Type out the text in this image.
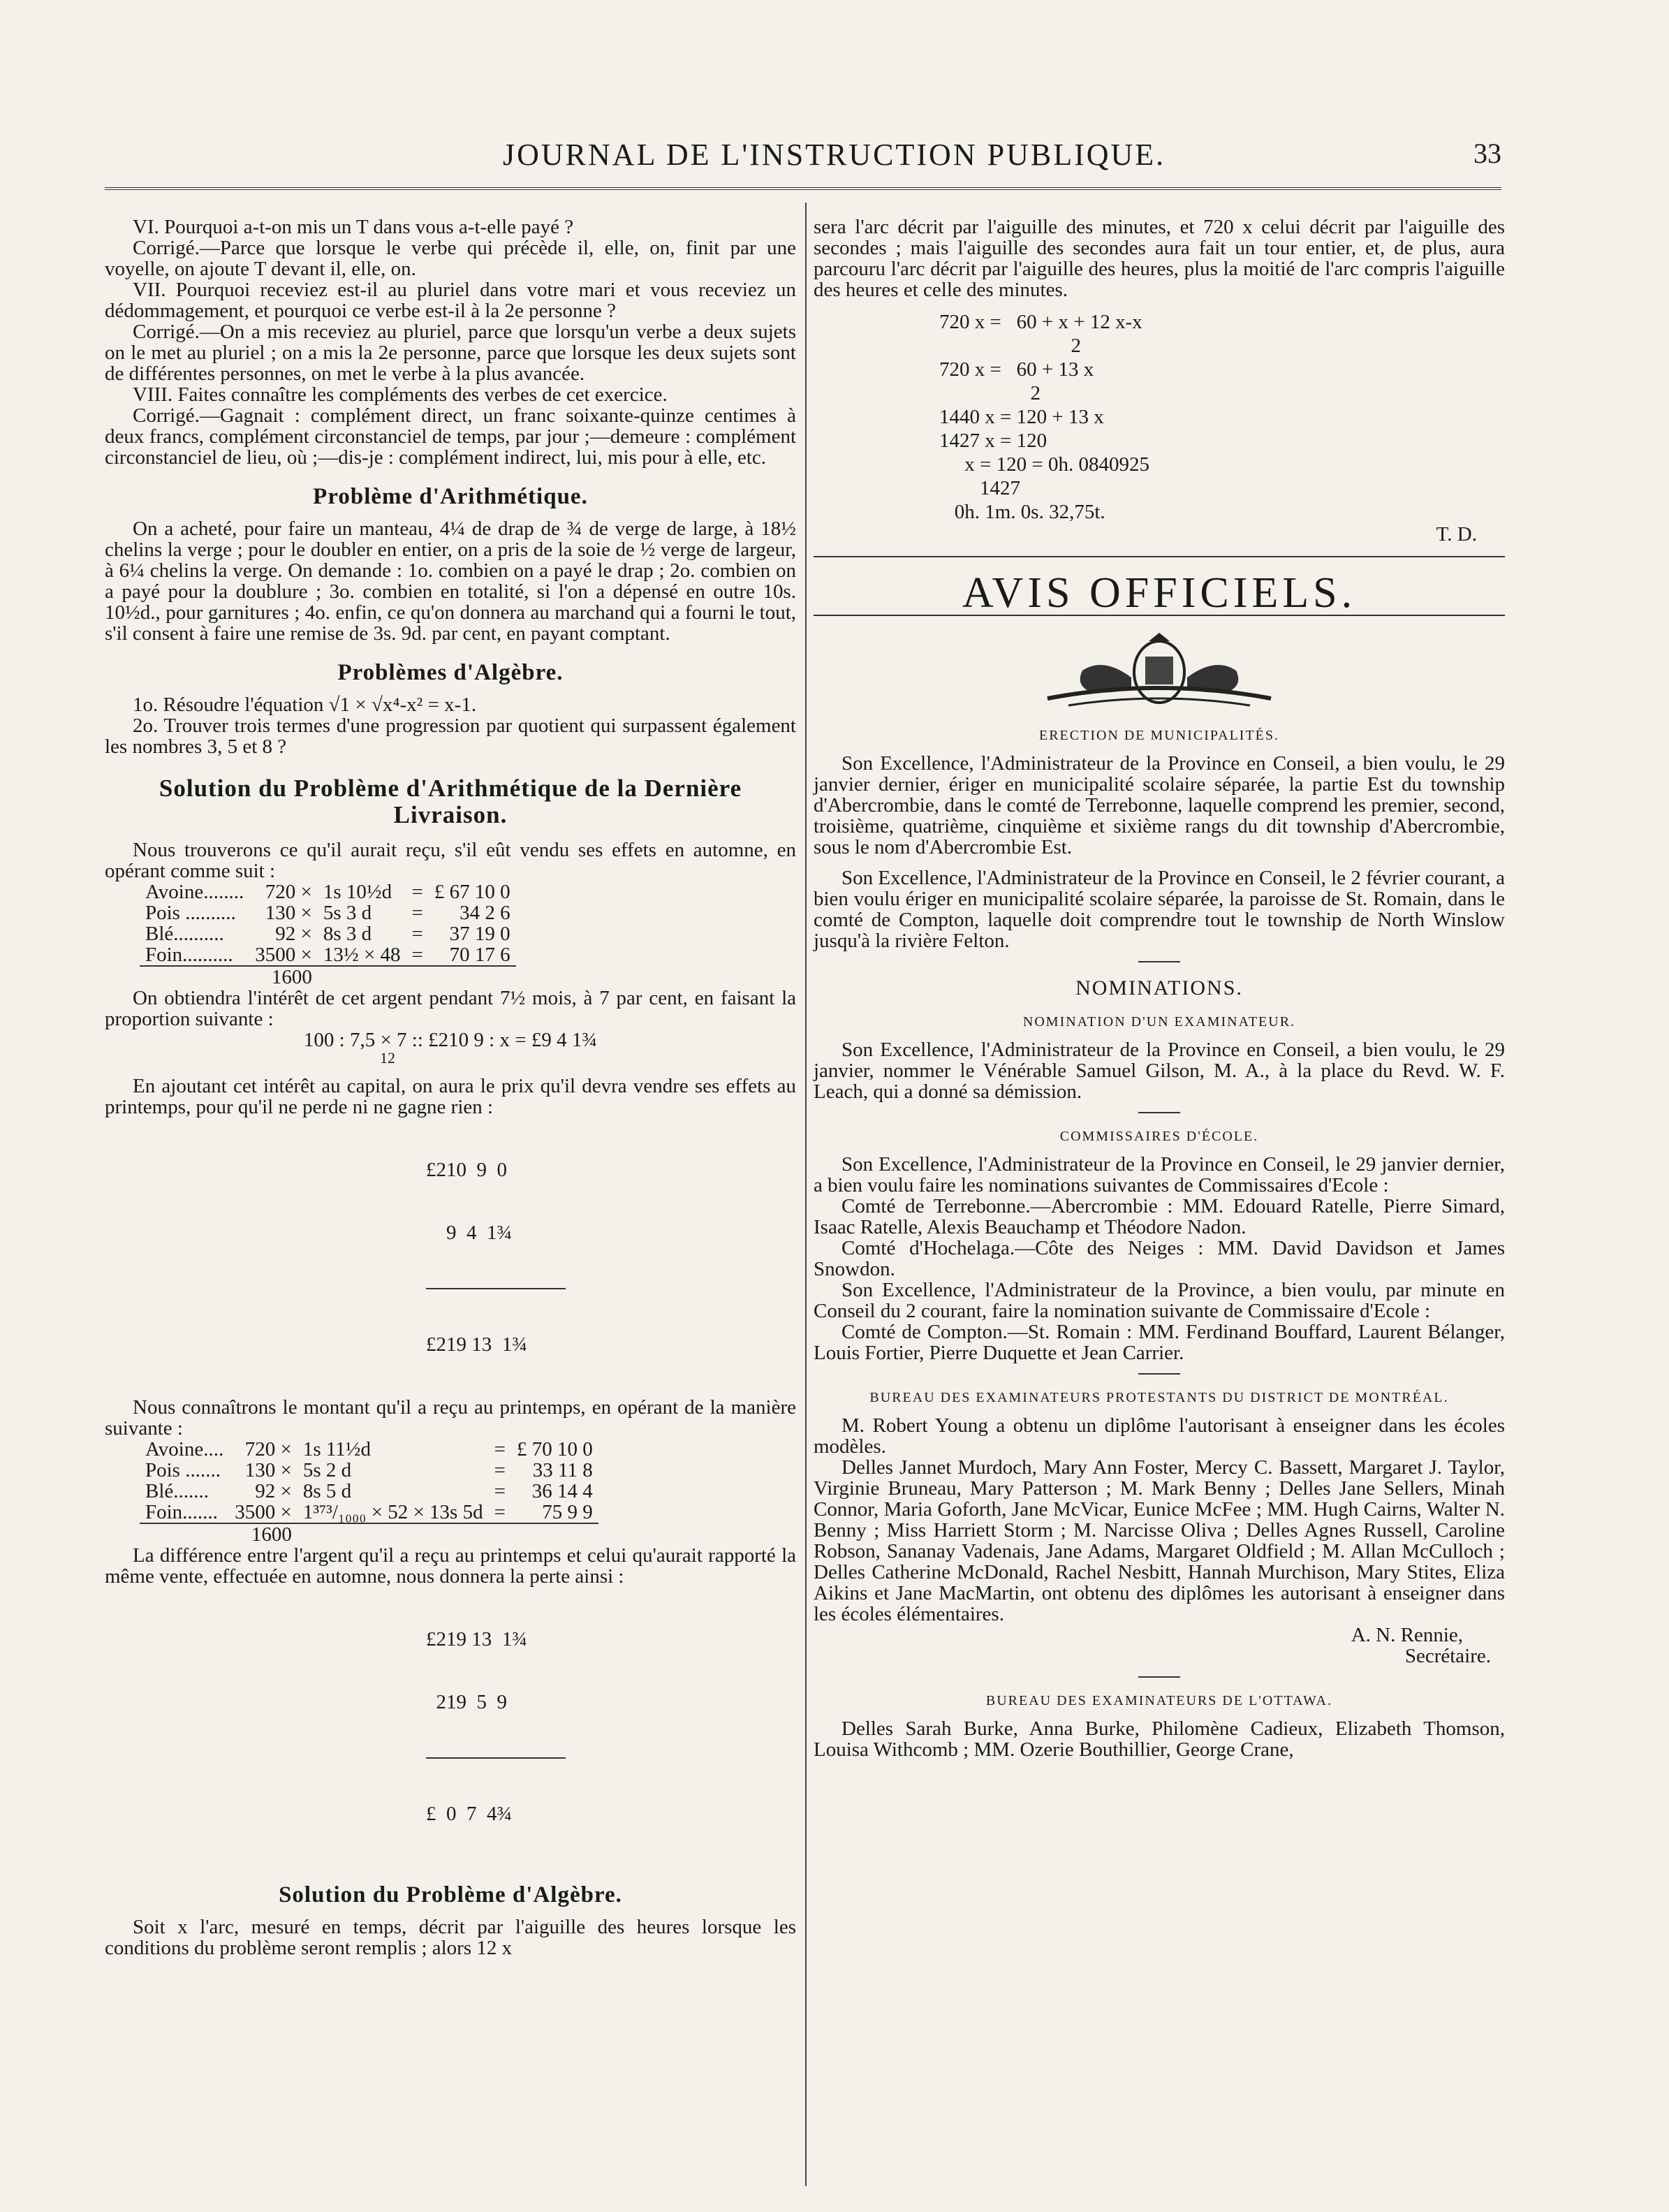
JOURNAL DE L'INSTRUCTION PUBLIQUE.	33

VI. Pourquoi a-t-on mis un T dans vous a-t-elle payé ?

Corrigé.—Parce que lorsque le verbe qui précède il, elle, on, finit par une voyelle, on ajoute T devant il, elle, on.

VII. Pourquoi receviez est-il au pluriel dans votre mari et vous receviez un dédommagement, et pourquoi ce verbe est-il à la 2e personne ?

Corrigé.—On a mis receviez au pluriel, parce que lorsqu'un verbe a deux sujets on le met au pluriel ; on a mis la 2e personne, parce que lorsque les deux sujets sont de différentes personnes, on met le verbe à la plus avancée.

VIII. Faites connaître les compléments des verbes de cet exercice.

Corrigé.—Gagnait : complément direct, un franc soixante-quinze centimes à deux francs, complément circonstanciel de temps, par jour ;—demeure : complément circonstanciel de lieu, où ;—dis-je : complément indirect, lui, mis pour à elle, etc.

Problème d'Arithmétique.

On a acheté, pour faire un manteau, 4¼ de drap de ¾ de verge de large, à 18½ chelins la verge ; pour le doubler en entier, on a pris de la soie de ½ verge de largeur, à 6¼ chelins la verge. On demande : 1o. combien on a payé le drap ; 2o. combien on a payé pour la doublure ; 3o. combien en totalité, si l'on a dépensé en outre 10s. 10½d., pour garnitures ; 4o. enfin, ce qu'on donnera au marchand qui a fourni le tout, s'il consent à faire une remise de 3s. 9d. par cent, en payant comptant.

Problèmes d'Algèbre.

1o. Résoudre l'équation √1 × √x⁴-x² = x-1.

2o. Trouver trois termes d'une progression par quotient qui surpassent également les nombres 3, 5 et 8 ?

Solution du Problème d'Arithmétique de la Dernière Livraison.

Nous trouverons ce qu'il aurait reçu, s'il eût vendu ses effets en automne, en opérant comme suit :

Avoine........	720 ×	1s 10½d	=	£ 67 10 0
Pois ..........	130 ×	5s 3 d	=	34 2 6
Blé..........	92 ×	8s 3 d	=	37 19 0
Foin..........	3500 ×	13½ × 48	=	70 17 6
	1600			

On obtiendra l'intérêt de cet argent pendant 7½ mois, à 7 par cent, en faisant la proportion suivante :

100 : 7,5 × 7 :: £210 9 : x = £9 4 1¾

12

En ajoutant cet intérêt au capital, on aura le prix qu'il devra vendre ses effets au printemps, pour qu'il ne perde ni ne gagne rien :

£210  9  0

9  4  1¾

£219 13  1¾

Nous connaîtrons le montant qu'il a reçu au printemps, en opérant de la manière suivante :

Avoine....	720 ×	1s 11½d	=	£ 70 10 0
Pois .......	130 ×	5s 2 d	=	33 11 8
Blé.......	92 ×	8s 5 d	=	36 14 4
Foin.......	3500 ×	1³⁷³/₁₀₀₀ × 52 × 13s 5d	=	75 9 9
	1600			

La différence entre l'argent qu'il a reçu au printemps et celui qu'aurait rapporté la même vente, effectuée en automne, nous donnera la perte ainsi :

£219 13  1¾

219  5  9

£  0  7  4¾

Solution du Problème d'Algèbre.

Soit x l'arc, mesuré en temps, décrit par l'aiguille des heures lorsque les conditions du problème seront remplis ; alors 12 x

sera l'arc décrit par l'aiguille des minutes, et 720 x celui décrit par l'aiguille des secondes ; mais l'aiguille des secondes aura fait un tour entier, et, de plus, aura parcouru l'arc décrit par l'aiguille des heures, plus la moitié de l'arc compris l'aiguille des heures et celle des minutes.

720 x =   60 + x + 12 x-x
2
720 x =   60 + 13 x
2
1440 x = 120 + 13 x
1427 x = 120
x = 120 = 0h. 0840925
1427
0h. 1m. 0s. 32,75t.

T. D.

AVIS OFFICIELS.
ERECTION DE MUNICIPALITÉS.

Son Excellence, l'Administrateur de la Province en Conseil, a bien voulu, le 29 janvier dernier, ériger en municipalité scolaire séparée, la partie Est du township d'Abercrombie, dans le comté de Terrebonne, laquelle comprend les premier, second, troisième, quatrième, cinquième et sixième rangs du dit township d'Abercrombie, sous le nom d'Abercrombie Est.

Son Excellence, l'Administrateur de la Province en Conseil, le 2 février courant, a bien voulu ériger en municipalité scolaire séparée, la paroisse de St. Romain, dans le comté de Compton, laquelle doit comprendre tout le township de North Winslow jusqu'à la rivière Felton.

NOMINATIONS.
NOMINATION D'UN EXAMINATEUR.

Son Excellence, l'Administrateur de la Province en Conseil, a bien voulu, le 29 janvier, nommer le Vénérable Samuel Gilson, M. A., à la place du Revd. W. F. Leach, qui a donné sa démission.

COMMISSAIRES D'ÉCOLE.

Son Excellence, l'Administrateur de la Province en Conseil, le 29 janvier dernier, a bien voulu faire les nominations suivantes de Commissaires d'Ecole :

Comté de Terrebonne.—Abercrombie : MM. Edouard Ratelle, Pierre Simard, Isaac Ratelle, Alexis Beauchamp et Théodore Nadon.

Comté d'Hochelaga.—Côte des Neiges : MM. David Davidson et James Snowdon.

Son Excellence, l'Administrateur de la Province, a bien voulu, par minute en Conseil du 2 courant, faire la nomination suivante de Commissaire d'Ecole :

Comté de Compton.—St. Romain : MM. Ferdinand Bouffard, Laurent Bélanger, Louis Fortier, Pierre Duquette et Jean Carrier.

BUREAU DES EXAMINATEURS PROTESTANTS DU DISTRICT DE MONTRÉAL.

M. Robert Young a obtenu un diplôme l'autorisant à enseigner dans les écoles modèles.

Delles Jannet Murdoch, Mary Ann Foster, Mercy C. Bassett, Margaret J. Taylor, Virginie Bruneau, Mary Patterson ; M. Mark Benny ; Delles Jane Sellers, Minah Connor, Maria Goforth, Jane McVicar, Eunice McFee ; MM. Hugh Cairns, Walter N. Benny ; Miss Harriett Storm ; M. Narcisse Oliva ; Delles Agnes Russell, Caroline Robson, Sananay Vadenais, Jane Adams, Margaret Oldfield ; M. Allan McCulloch ; Delles Catherine McDonald, Rachel Nesbitt, Hannah Murchison, Mary Stites, Eliza Aikins et Jane MacMartin, ont obtenu des diplômes les autorisant à enseigner dans les écoles élémentaires.

A. N. Rennie,

Secrétaire.

BUREAU DES EXAMINATEURS DE L'OTTAWA.

Delles Sarah Burke, Anna Burke, Philomène Cadieux, Elizabeth Thomson, Louisa Withcomb ; MM. Ozerie Bouthillier, George Crane,
